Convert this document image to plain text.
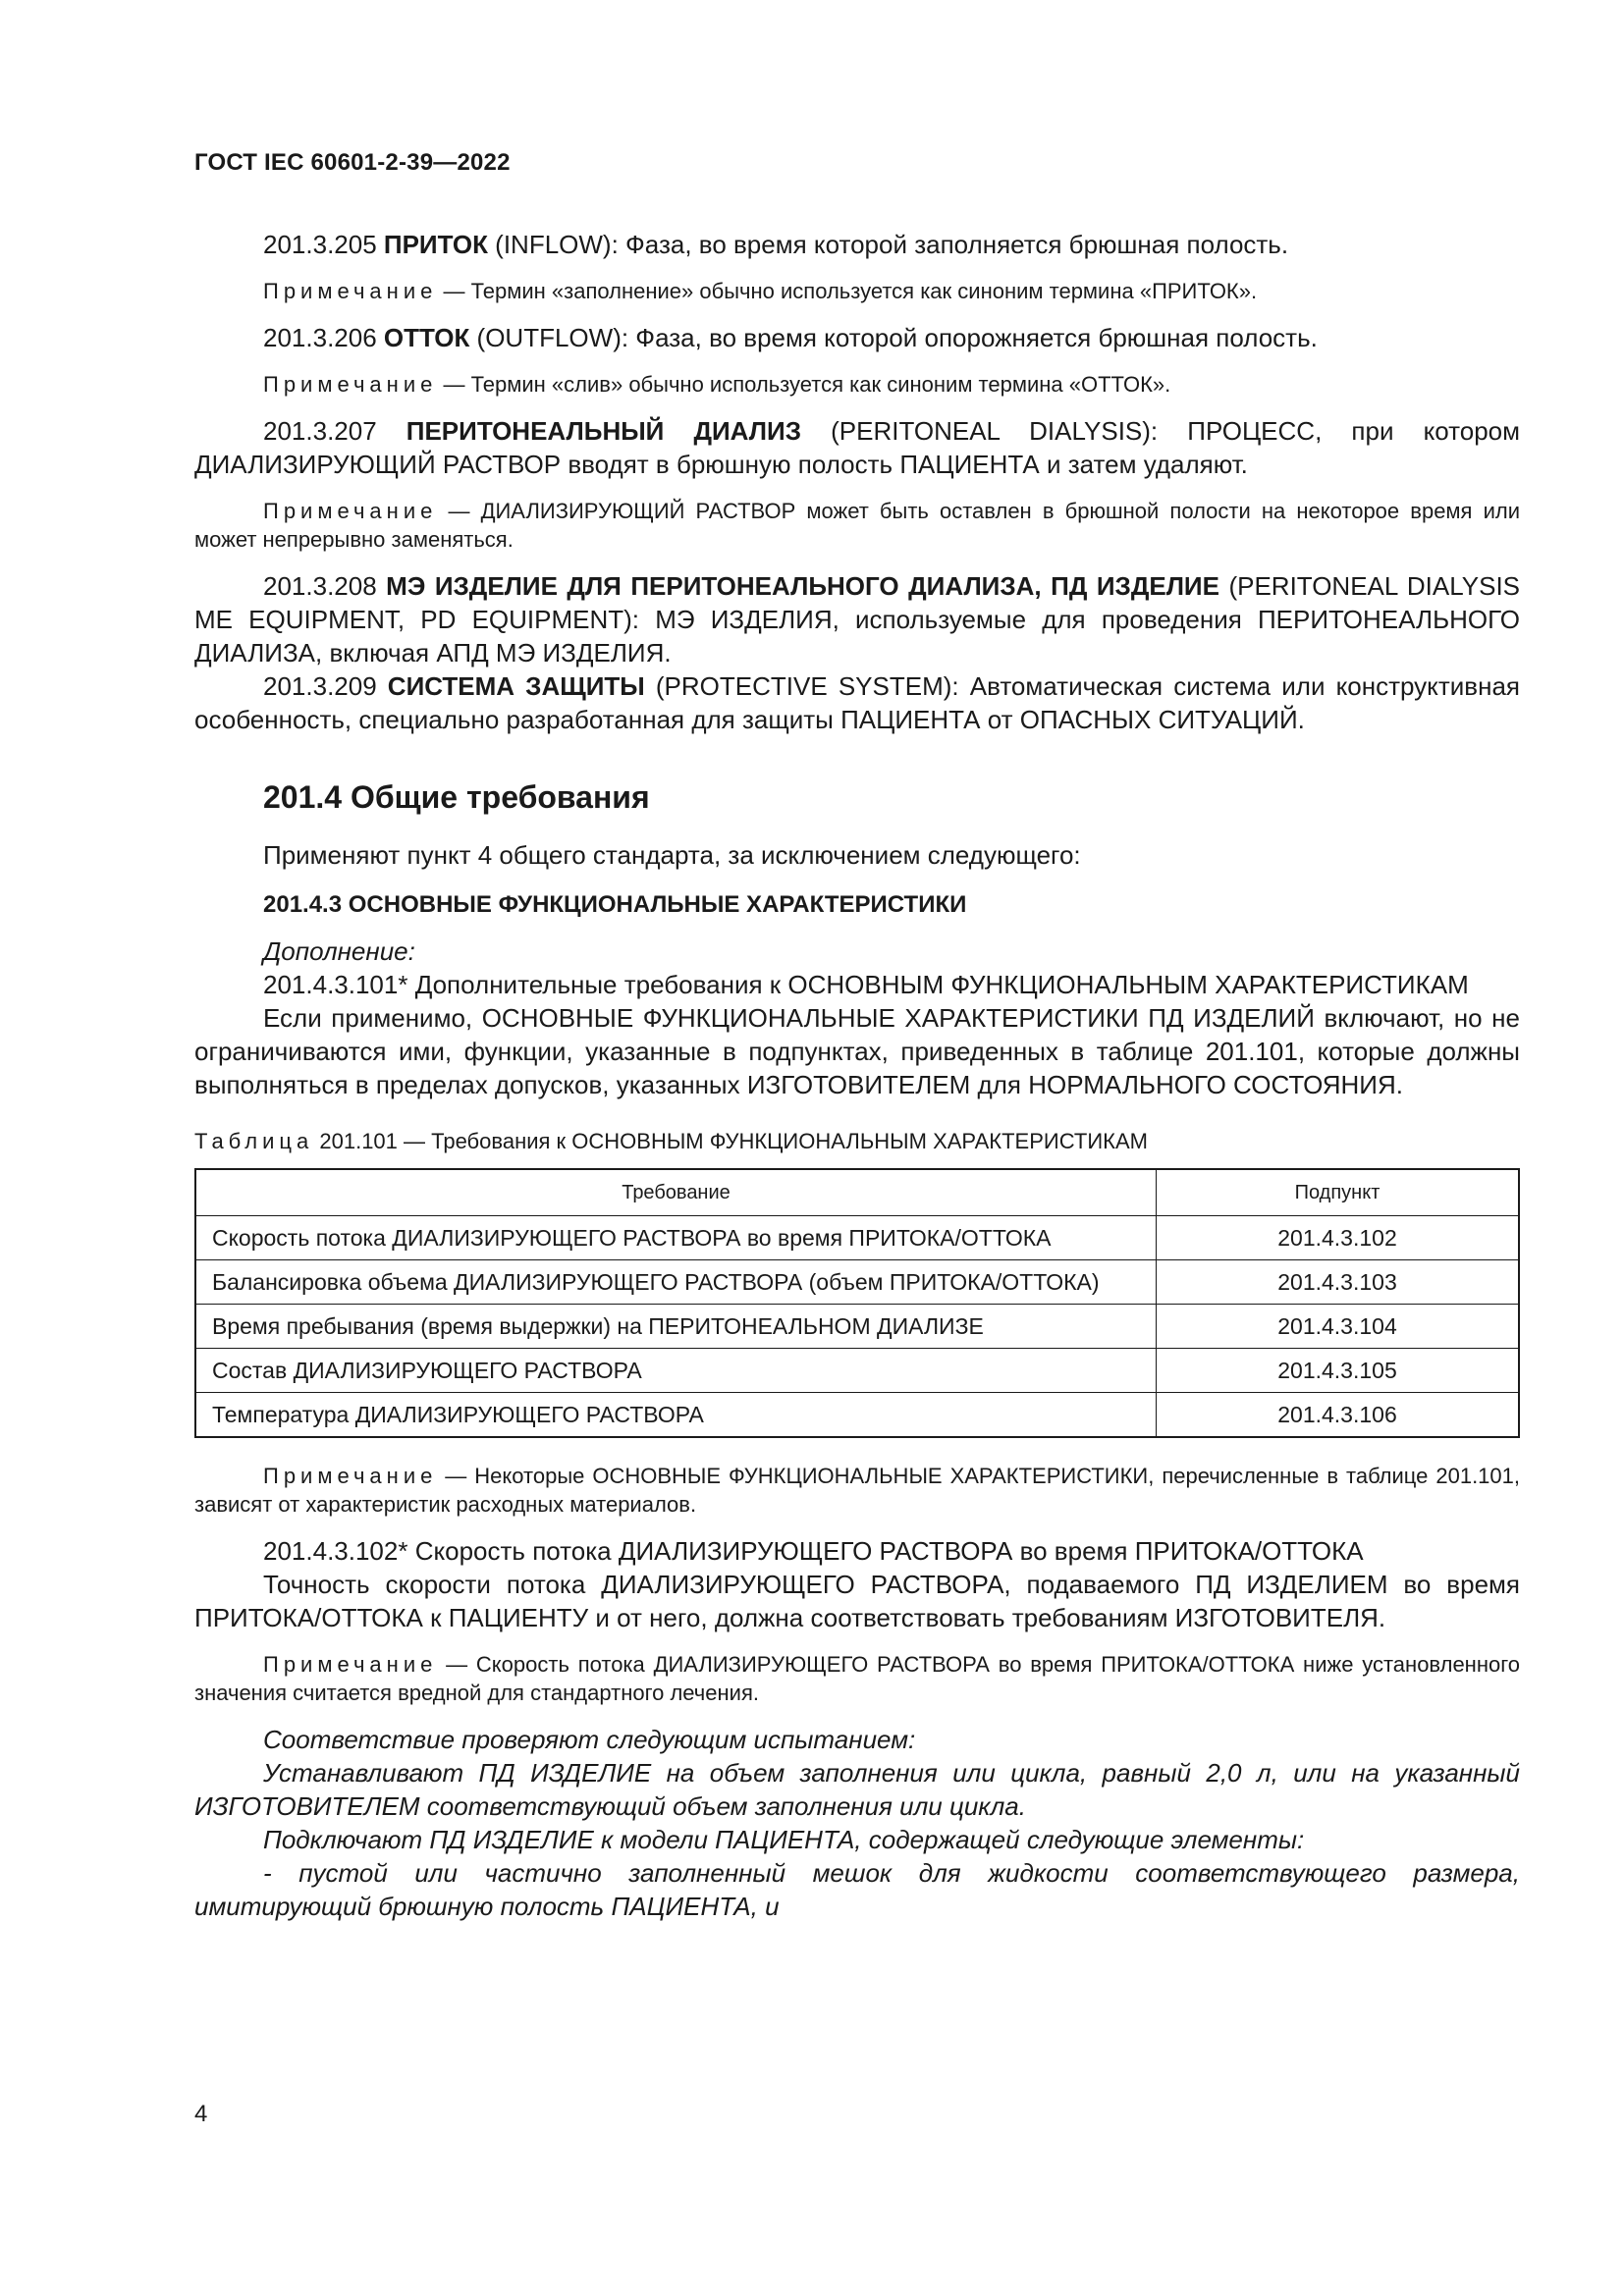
ГОСТ IEC 60601-2-39—2022

201.3.205 ПРИТОК (INFLOW): Фаза, во время которой заполняется брюшная полость.

Примечание — Термин «заполнение» обычно используется как синоним термина «ПРИТОК».

201.3.206 ОТТОК (OUTFLOW): Фаза, во время которой опорожняется брюшная полость.

Примечание — Термин «слив» обычно используется как синоним термина «ОТТОК».

201.3.207 ПЕРИТОНЕАЛЬНЫЙ ДИАЛИЗ (PERITONEAL DIALYSIS): ПРОЦЕСС, при котором ДИАЛИЗИРУЮЩИЙ РАСТВОР вводят в брюшную полость ПАЦИЕНТА и затем удаляют.

Примечание — ДИАЛИЗИРУЮЩИЙ РАСТВОР может быть оставлен в брюшной полости на некоторое время или может непрерывно заменяться.

201.3.208 МЭ ИЗДЕЛИЕ ДЛЯ ПЕРИТОНЕАЛЬНОГО ДИАЛИЗА, ПД ИЗДЕЛИЕ (PERITONEAL DIALYSIS ME EQUIPMENT, PD EQUIPMENT): МЭ ИЗДЕЛИЯ, используемые для проведения ПЕРИТОНЕАЛЬНОГО ДИАЛИЗА, включая АПД МЭ ИЗДЕЛИЯ.

201.3.209 СИСТЕМА ЗАЩИТЫ (PROTECTIVE SYSTEM): Автоматическая система или конструктивная особенность, специально разработанная для защиты ПАЦИЕНТА от ОПАСНЫХ СИТУАЦИЙ.

201.4 Общие требования

Применяют пункт 4 общего стандарта, за исключением следующего:

201.4.3 ОСНОВНЫЕ ФУНКЦИОНАЛЬНЫЕ ХАРАКТЕРИСТИКИ

Дополнение:

201.4.3.101* Дополнительные требования к ОСНОВНЫМ ФУНКЦИОНАЛЬНЫМ ХАРАКТЕРИСТИКАМ

Если применимо, ОСНОВНЫЕ ФУНКЦИОНАЛЬНЫЕ ХАРАКТЕРИСТИКИ ПД ИЗДЕЛИЙ включают, но не ограничиваются ими, функции, указанные в подпунктах, приведенных в таблице 201.101, которые должны выполняться в пределах допусков, указанных ИЗГОТОВИТЕЛЕМ для НОРМАЛЬНОГО СОСТОЯНИЯ.

Таблица 201.101 — Требования к ОСНОВНЫМ ФУНКЦИОНАЛЬНЫМ ХАРАКТЕРИСТИКАМ

Требование	Подпункт
Скорость потока ДИАЛИЗИРУЮЩЕГО РАСТВОРА во время ПРИТОКА/ОТТОКА	201.4.3.102
Балансировка объема ДИАЛИЗИРУЮЩЕГО РАСТВОРА (объем ПРИТОКА/ОТТОКА)	201.4.3.103
Время пребывания (время выдержки) на ПЕРИТОНЕАЛЬНОМ ДИАЛИЗЕ	201.4.3.104
Состав ДИАЛИЗИРУЮЩЕГО РАСТВОРА	201.4.3.105
Температура ДИАЛИЗИРУЮЩЕГО РАСТВОРА	201.4.3.106

Примечание — Некоторые ОСНОВНЫЕ ФУНКЦИОНАЛЬНЫЕ ХАРАКТЕРИСТИКИ, перечисленные в таблице 201.101, зависят от характеристик расходных материалов.

201.4.3.102* Скорость потока ДИАЛИЗИРУЮЩЕГО РАСТВОРА во время ПРИТОКА/ОТТОКА

Точность скорости потока ДИАЛИЗИРУЮЩЕГО РАСТВОРА, подаваемого ПД ИЗДЕЛИЕМ во время ПРИТОКА/ОТТОКА к ПАЦИЕНТУ и от него, должна соответствовать требованиям ИЗГОТОВИТЕЛЯ.

Примечание — Скорость потока ДИАЛИЗИРУЮЩЕГО РАСТВОРА во время ПРИТОКА/ОТТОКА ниже установленного значения считается вредной для стандартного лечения.

Соответствие проверяют следующим испытанием:

Устанавливают ПД ИЗДЕЛИЕ на объем заполнения или цикла, равный 2,0 л, или на указанный ИЗГОТОВИТЕЛЕМ соответствующий объем заполнения или цикла.

Подключают ПД ИЗДЕЛИЕ к модели ПАЦИЕНТА, содержащей следующие элементы:

- пустой или частично заполненный мешок для жидкости соответствующего размера, имитирующий брюшную полость ПАЦИЕНТА, и

4
